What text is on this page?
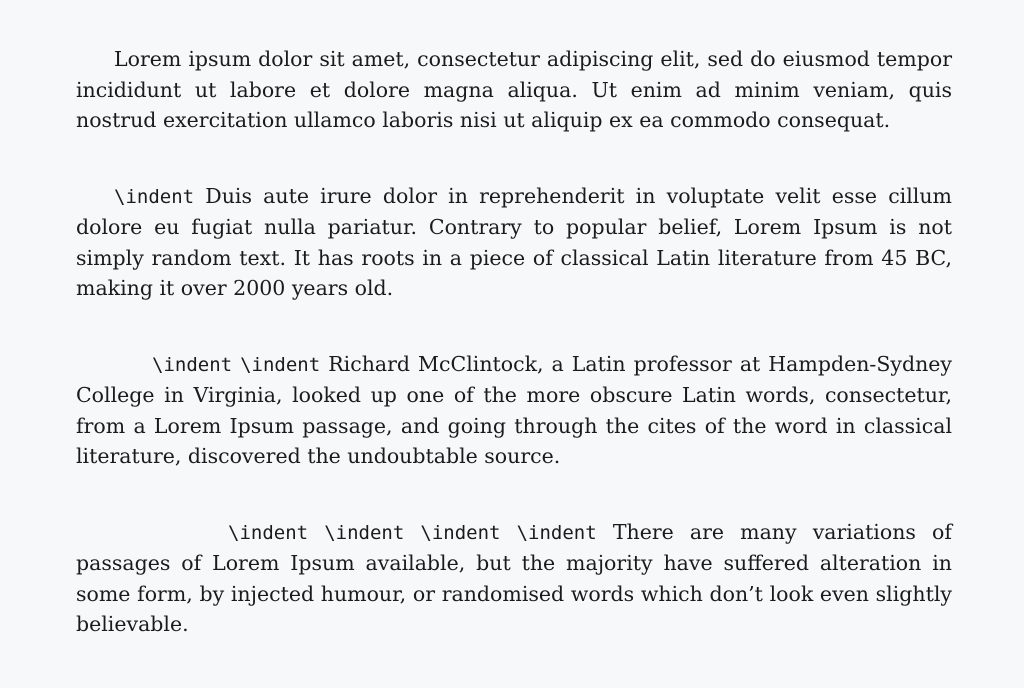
Lorem ipsum dolor sit amet, consectetur adipiscing elit, sed do eiusmod tempor incididunt ut labore et dolore magna aliqua. Ut enim ad minim veniam, quis nostrud exercitation ullamco laboris nisi ut aliquip ex ea commodo consequat.

\indent Duis aute irure dolor in reprehenderit in voluptate velit esse cillum dolore eu fugiat nulla pariatur. Contrary to popular belief, Lorem Ipsum is not simply random text. It has roots in a piece of classical Latin literature from 45 BC, making it over 2000 years old.

\indent \indent Richard McClintock, a Latin professor at Hampden-Sydney College in Virginia, looked up one of the more obscure Latin words, consectetur, from a Lorem Ipsum passage, and going through the cites of the word in classical literature, discovered the undoubtable source.

\indent \indent \indent \indent There are many variations of passages of Lorem Ipsum available, but the majority have suffered alteration in some form, by injected humour, or randomised words which don’t look even slightly believable.
